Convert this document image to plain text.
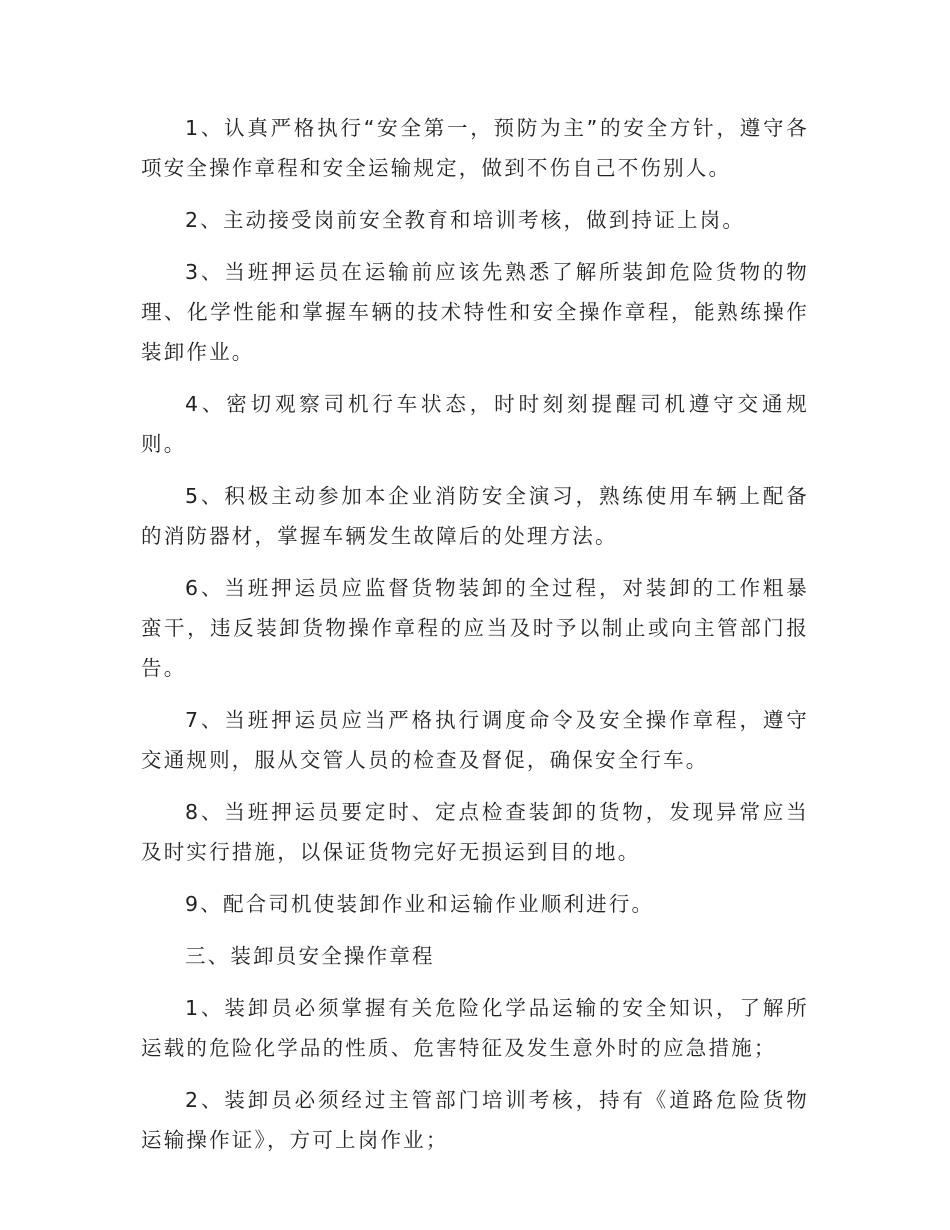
1、认真严格执行“安全第一，预防为主”的安全方针，遵守各项安全操作章程和安全运输规定，做到不伤自己不伤别人。

2、主动接受岗前安全教育和培训考核，做到持证上岗。

3、当班押运员在运输前应该先熟悉了解所装卸危险货物的物理、化学性能和掌握车辆的技术特性和安全操作章程，能熟练操作装卸作业。

4、密切观察司机行车状态，时时刻刻提醒司机遵守交通规则。

5、积极主动参加本企业消防安全演习，熟练使用车辆上配备的消防器材，掌握车辆发生故障后的处理方法。

6、当班押运员应监督货物装卸的全过程，对装卸的工作粗暴蛮干，违反装卸货物操作章程的应当及时予以制止或向主管部门报告。

7、当班押运员应当严格执行调度命令及安全操作章程，遵守交通规则，服从交管人员的检查及督促，确保安全行车。

8、当班押运员要定时、定点检查装卸的货物，发现异常应当及时实行措施，以保证货物完好无损运到目的地。

9、配合司机使装卸作业和运输作业顺利进行。

三、装卸员安全操作章程

1、装卸员必须掌握有关危险化学品运输的安全知识，了解所运载的危险化学品的性质、危害特征及发生意外时的应急措施；

2、装卸员必须经过主管部门培训考核，持有《道路危险货物运输操作证》，方可上岗作业；
